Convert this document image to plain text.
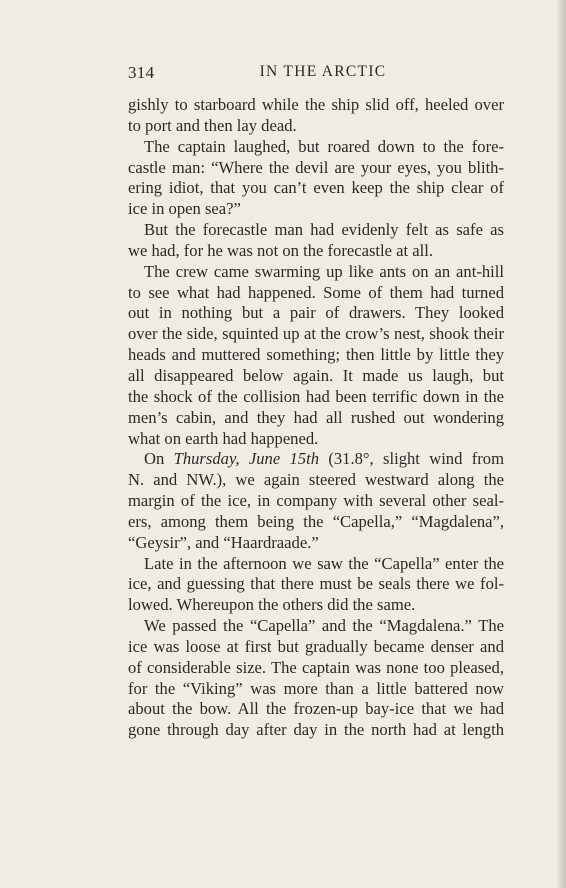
314	IN THE ARCTIC
gishly to starboard while the ship slid off, heeled over
to port and then lay dead.
The captain laughed, but roared down to the fore-
castle man: “Where the devil are your eyes, you blith-
ering idiot, that you can’t even keep the ship clear of
ice in open sea?”
But the forecastle man had evidenly felt as safe as
we had, for he was not on the forecastle at all.
The crew came swarming up like ants on an ant-hill
to see what had happened. Some of them had turned
out in nothing but a pair of drawers. They looked
over the side, squinted up at the crow’s nest, shook their
heads and muttered something; then little by little they
all disappeared below again. It made us laugh, but
the shock of the collision had been terrific down in the
men’s cabin, and they had all rushed out wondering
what on earth had happened.
On Thursday, June 15th (31.8°, slight wind from
N. and NW.), we again steered westward along the
margin of the ice, in company with several other seal-
ers, among them being the “Capella,” “Magdalena”,
“Geysir”, and “Haardraade.”
Late in the afternoon we saw the “Capella” enter the
ice, and guessing that there must be seals there we fol-
lowed. Whereupon the others did the same.
We passed the “Capella” and the “Magdalena.” The
ice was loose at first but gradually became denser and
of considerable size. The captain was none too pleased,
for the “Viking” was more than a little battered now
about the bow. All the frozen-up bay-ice that we had
gone through day after day in the north had at length
